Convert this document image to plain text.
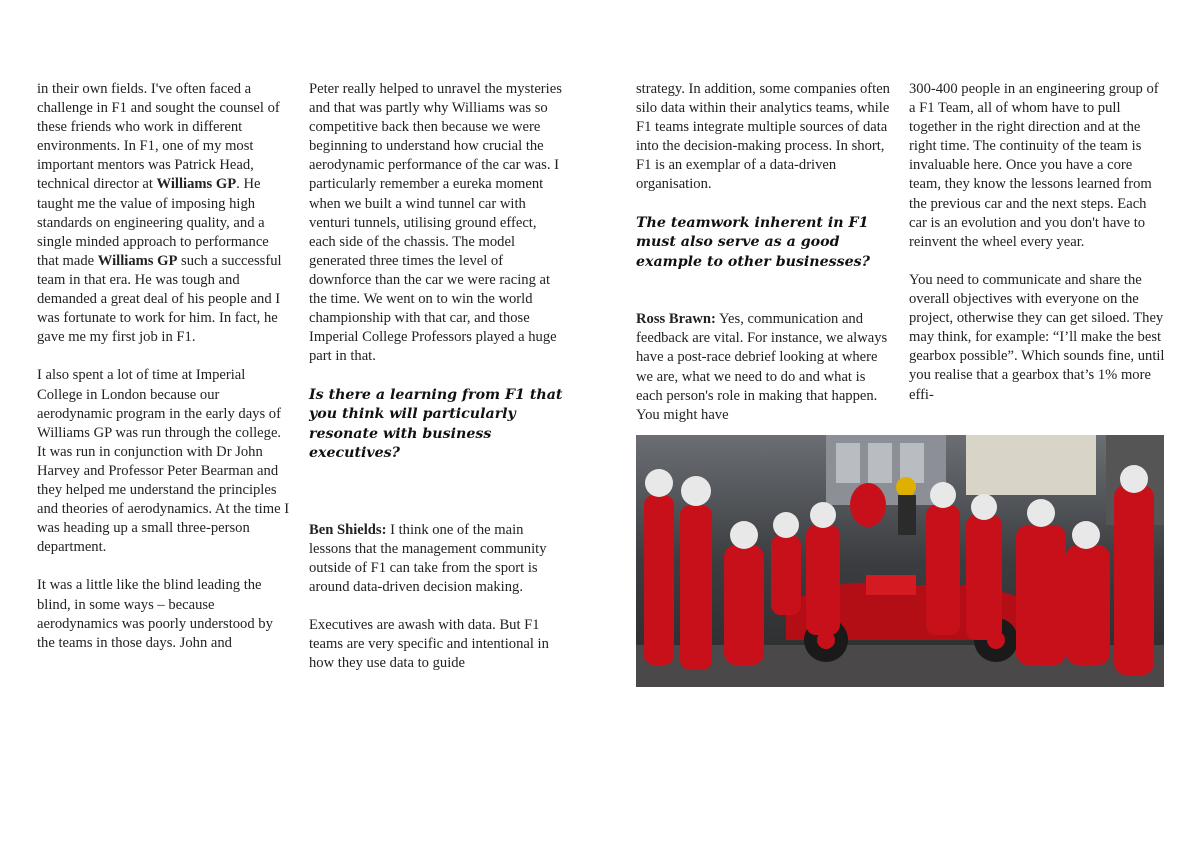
in their own fields. I've often faced a challenge in F1 and sought the counsel of these friends who work in different environments. In F1, one of my most important mentors was Patrick Head, technical director at Williams GP. He taught me the value of imposing high standards on engineering quality, and a single minded approach to performance that made Williams GP such a successful team in that era. He was tough and demanded a great deal of his people and I was fortunate to work for him. In fact, he gave me my first job in F1.

I also spent a lot of time at Imperial College in London because our aerodynamic program in the early days of Williams GP was run through the college. It was run in conjunction with Dr John Harvey and Professor Peter Bearman and they helped me understand the principles and theories of aerodynamics. At the time I was heading up a small three-person department.

It was a little like the blind leading the blind, in some ways – because aerodynamics was poorly understood by the teams in those days. John and

Peter really helped to unravel the mysteries and that was partly why Williams was so competitive back then because we were beginning to understand how crucial the aerodynamic performance of the car was. I particularly remember a eureka moment when we built a wind tunnel car with venturi tunnels, utilising ground effect, each side of the chassis. The model generated three times the level of downforce than the car we were racing at the time. We went on to win the world championship with that car, and those Imperial College Professors played a huge part in that.

Is there a learning from F1 that you think will particularly resonate with business executives?

Ben Shields: I think one of the main lessons that the management community outside of F1 can take from the sport is around data-driven decision making.

Executives are awash with data. But F1 teams are very specific and intentional in how they use data to guide

strategy. In addition, some companies often silo data within their analytics teams, while F1 teams integrate multiple sources of data into the decision-making process. In short, F1 is an exemplar of a data-driven organisation.

The teamwork inherent in F1 must also serve as a good example to other businesses?

Ross Brawn: Yes, communication and feedback are vital. For instance, we always have a post-race debrief looking at where we are, what we need to do and what is each person's role in making that happen. You might have

300-400 people in an engineering group of a F1 Team, all of whom have to pull together in the right direction and at the right time. The continuity of the team is invaluable here. Once you have a core team, they know the lessons learned from the previous car and the next steps. Each car is an evolution and you don't have to reinvent the wheel every year.

You need to communicate and share the overall objectives with everyone on the project, otherwise they can get siloed. They may think, for example: “I’ll make the best gearbox possible”. Which sounds fine, until you realise that a gearbox that’s 1% more effi-
